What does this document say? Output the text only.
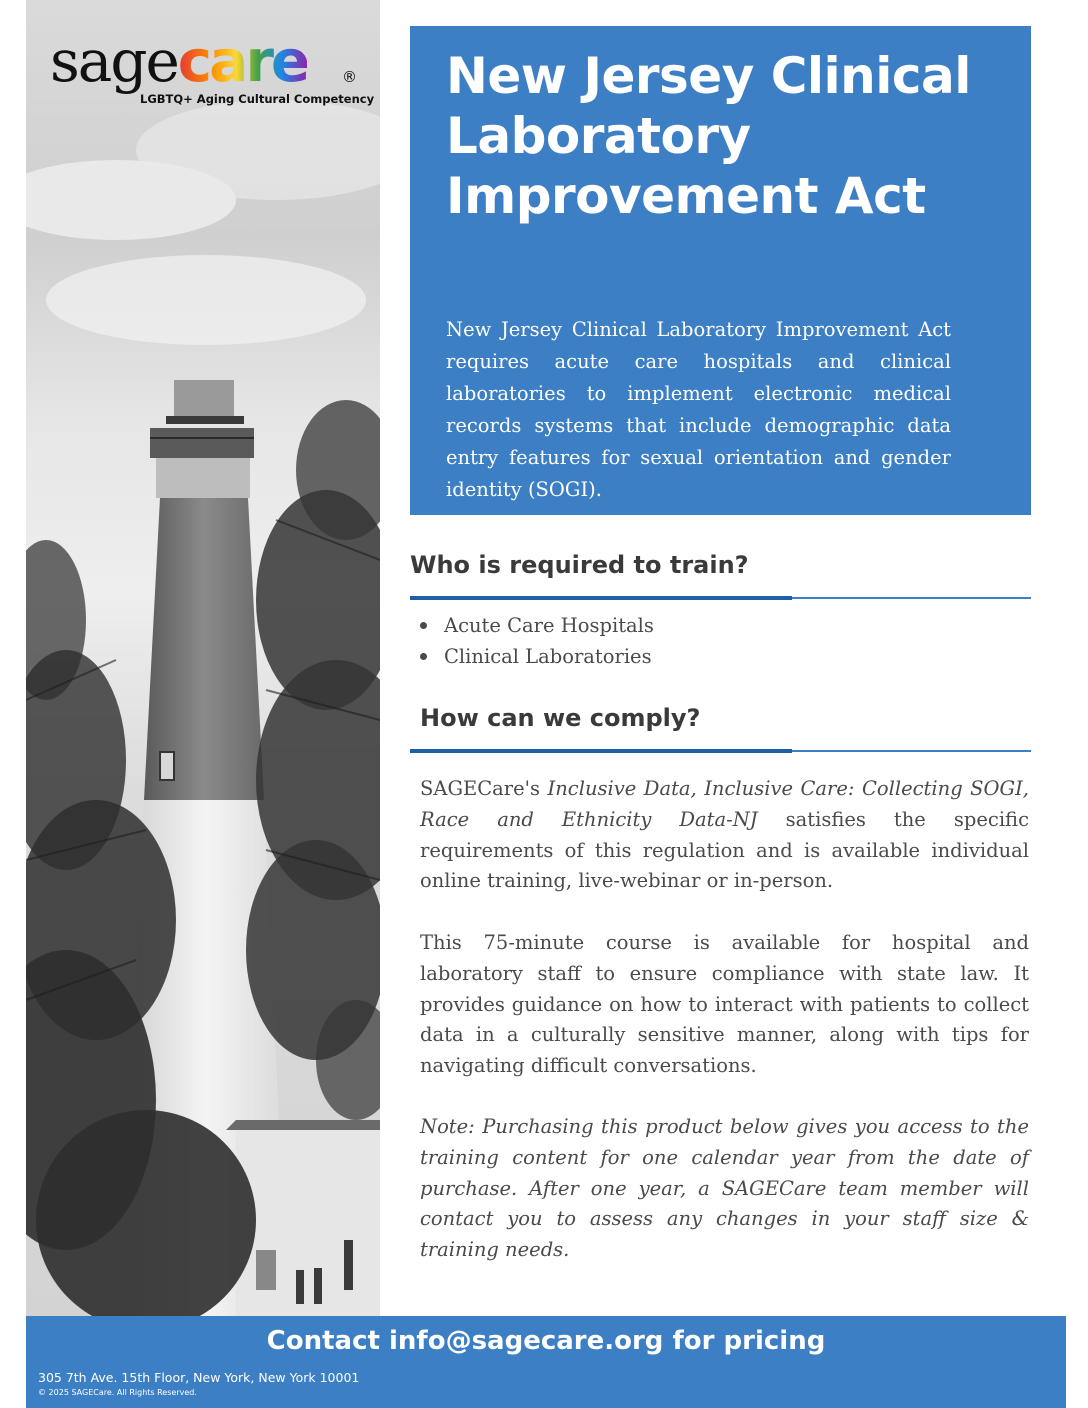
sagecare ®
LGBTQ+ Aging Cultural Competency New Jersey Clinical Laboratory Improvement Act

New Jersey Clinical Laboratory Improvement Act requires acute care hospitals and clinical laboratories to implement electronic medical records systems that include demographic data entry features for sexual orientation and gender identity (SOGI).

Who is required to train?
Acute Care Hospitals
Clinical Laboratories
How can we comply?

SAGECare's Inclusive Data, Inclusive Care: Collecting SOGI, Race and Ethnicity Data-NJ satisfies the specific requirements of this regulation and is available individual online training, live-webinar or in-person.

This 75-minute course is available for hospital and laboratory staff to ensure compliance with state law. It provides guidance on how to interact with patients to collect data in a culturally sensitive manner, along with tips for navigating difficult conversations.

Note: Purchasing this product below gives you access to the training content for one calendar year from the date of purchase. After one year, a SAGECare team member will contact you to assess any changes in your staff size & training needs.

Contact info@sagecare.org for pricing
305 7th Ave. 15th Floor, New York, New York 10001
© 2025 SAGECare. All Rights Reserved.
